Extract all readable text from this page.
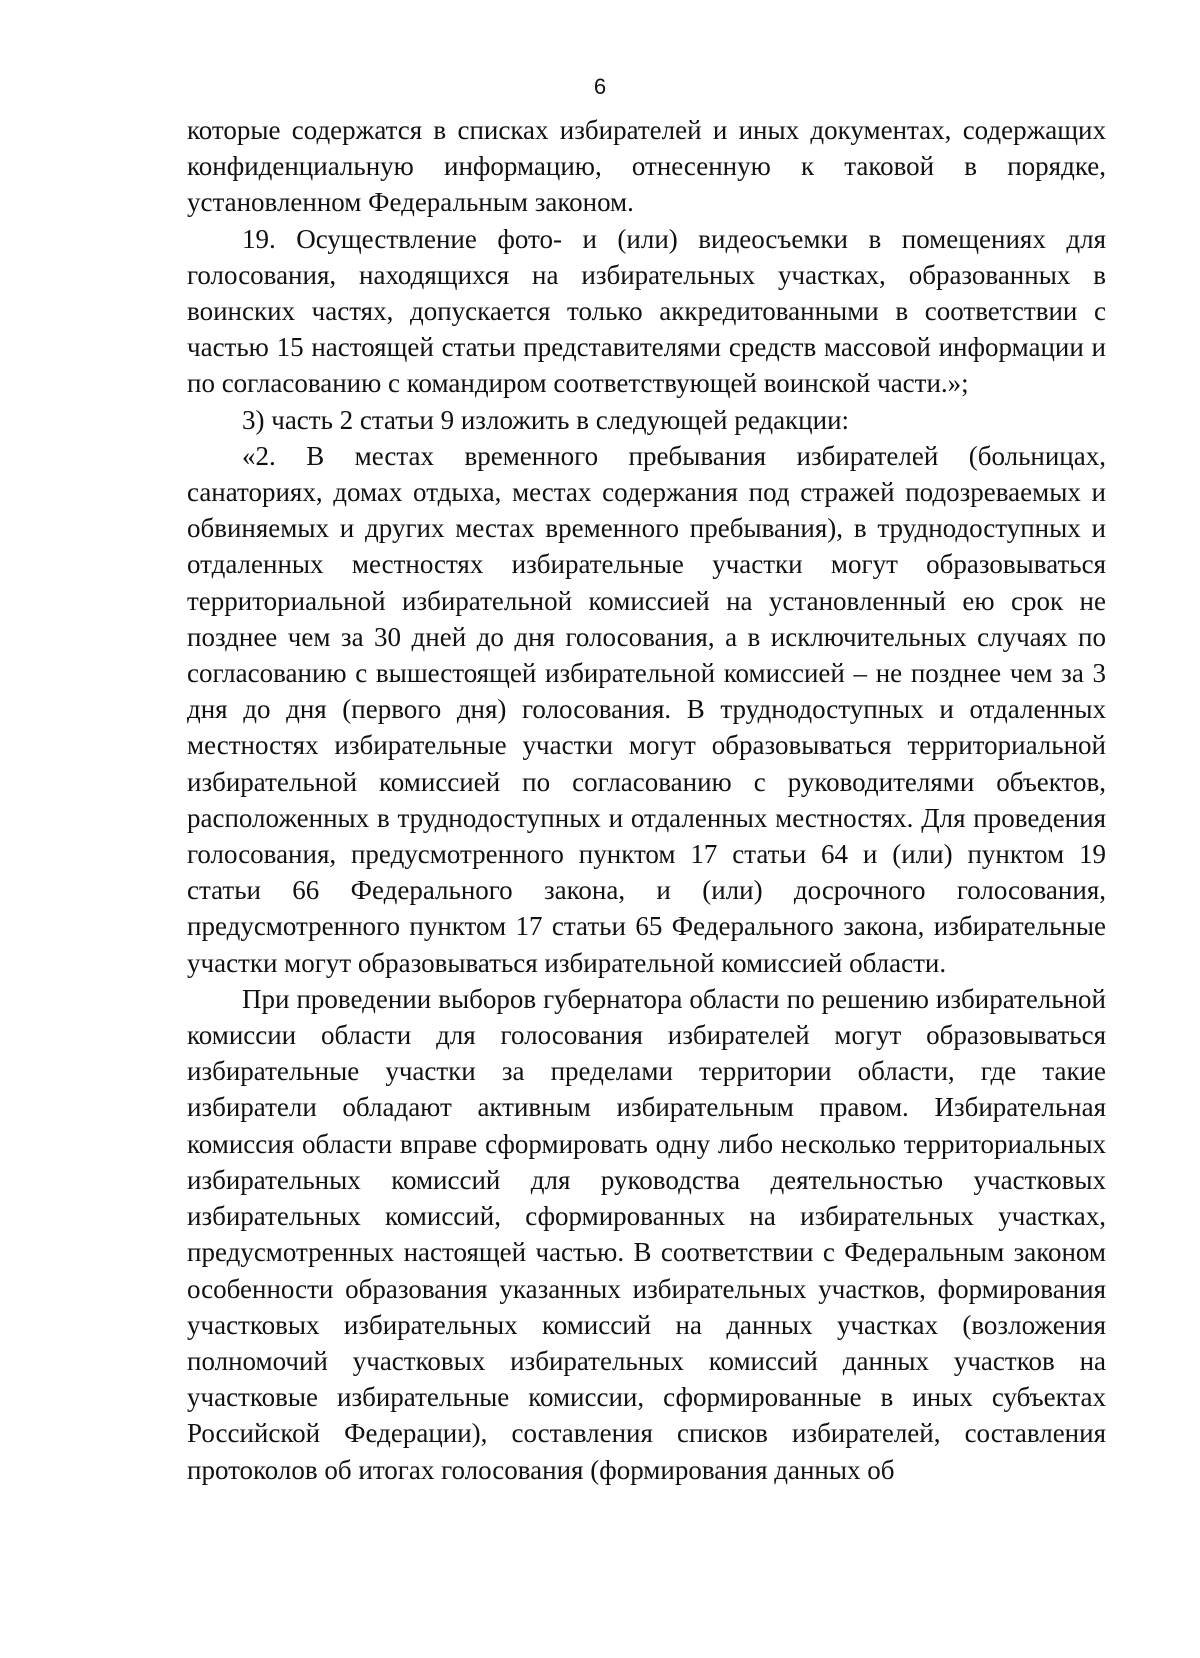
6

которые содержатся в списках избирателей и иных документах, содержащих конфиденциальную информацию, отнесенную к таковой в порядке, установленном Федеральным законом.

19. Осуществление фото- и (или) видеосъемки в помещениях для голосования, находящихся на избирательных участках, образованных в воинских частях, допускается только аккредитованными в соответствии с частью 15 настоящей статьи представителями средств массовой информации и по согласованию с командиром соответствующей воинской части.»;

3) часть 2 статьи 9 изложить в следующей редакции:

«2. В местах временного пребывания избирателей (больницах, санаториях, домах отдыха, местах содержания под стражей подозреваемых и обвиняемых и других местах временного пребывания), в труднодоступных и отдаленных местностях избирательные участки могут образовываться территориальной избирательной комиссией на установленный ею срок не позднее чем за 30 дней до дня голосования, а в исключительных случаях по согласованию с вышестоящей избирательной комиссией – не позднее чем за 3 дня до дня (первого дня) голосования. В труднодоступных и отдаленных местностях избирательные участки могут образовываться территориальной избирательной комиссией по согласованию с руководителями объектов, расположенных в труднодоступных и отдаленных местностях. Для проведения голосования, предусмотренного пунктом 17 статьи 64 и (или) пунктом 19 статьи 66 Федерального закона, и (или) досрочного голосования, предусмотренного пунктом 17 статьи 65 Федерального закона, избирательные участки могут образовываться избирательной комиссией области.

При проведении выборов губернатора области по решению избирательной комиссии области для голосования избирателей могут образовываться избирательные участки за пределами территории области, где такие избиратели обладают активным избирательным правом. Избирательная комиссия области вправе сформировать одну либо несколько территориальных избирательных комиссий для руководства деятельностью участковых избирательных комиссий, сформированных на избирательных участках, предусмотренных настоящей частью. В соответствии с Федеральным законом особенности образования указанных избирательных участков, формирования участковых избирательных комиссий на данных участках (возложения полномочий участковых избирательных комиссий данных участков на участковые избирательные комиссии, сформированные в иных субъектах Российской Федерации), составления списков избирателей, составления протоколов об итогах голосования (формирования данных об
